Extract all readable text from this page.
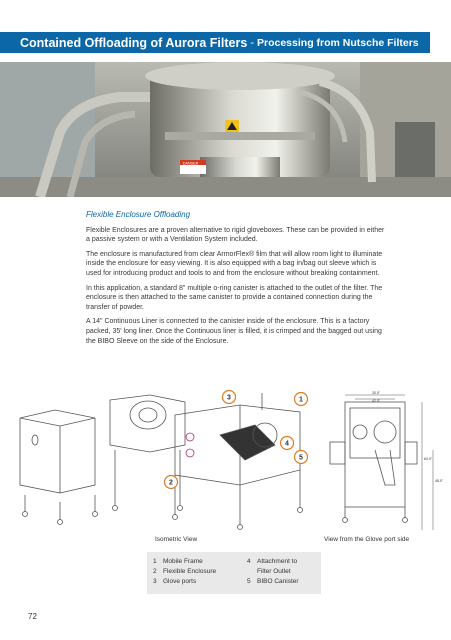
Contained Offloading of Aurora Filters - Processing from Nutsche Filters
DANGER
Flexible Enclosure Offloading

Flexible Enclosures are a proven alternative to rigid gloveboxes. These can be provided in either a passive system or with a Ventilation System included.

The enclosure is manufactured from clear ArmorFlex® film that will allow room light to illuminate inside the enclosure for easy viewing. It is also equipped with a bag in/bag out sleeve which is used for introducing product and tools to and from the enclosure without breaking containment.

In this application, a standard 8" multiple o-ring canister is attached to the outlet of the filter. The enclosure is then attached to the same canister to provide a contained connection during the transfer of powder.

A 14" Continuous Liner is connected to the canister inside of the enclosure. This is a factory packed, 35' long liner. Once the Continuous liner is filled, it is crimped and the bagged out using the BIBO Sleeve on the side of the Enclosure.

30.0"
42.0"
60.0"
48.0"
3	1
4
5
2
Isometric View	View from the Glove port side
1 Mobile Frame
2 Flexible Enclosure
3 Glove ports
4 Attachment to
Filter Outlet
5 BIBO Canister
72
